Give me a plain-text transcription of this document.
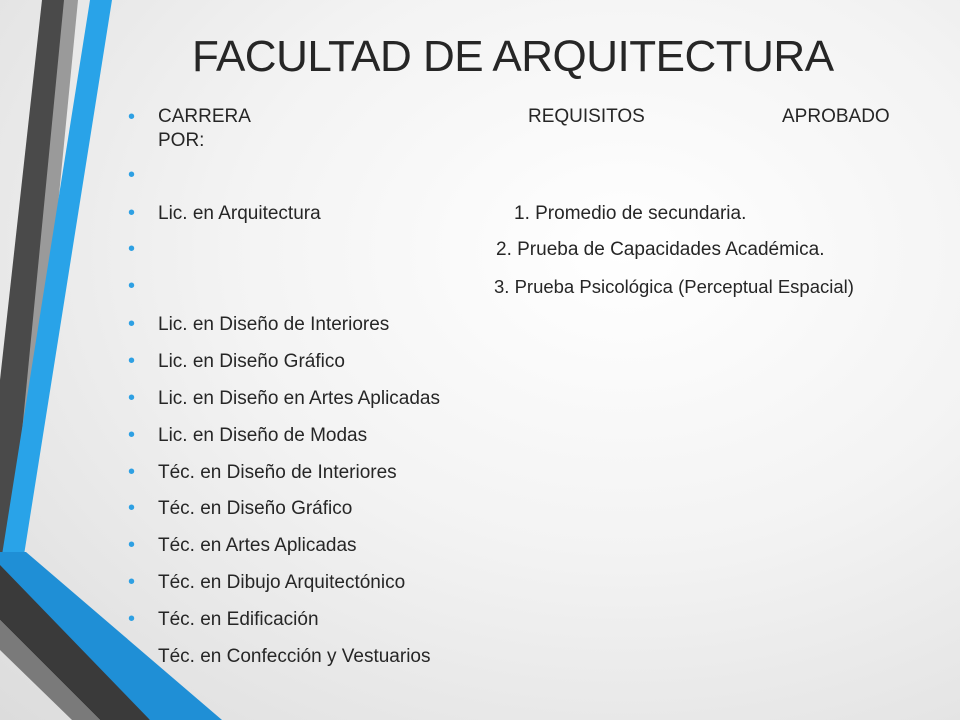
FACULTAD DE ARQUITECTURA
• CARRERA	REQUISITOS	APROBADO
POR:
•
• Lic. en Arquitectura	1. Promedio de secundaria.
•	2. Prueba de Capacidades Académica.
•	3. Prueba Psicológica (Perceptual Espacial)
• Lic. en Diseño de Interiores
• Lic. en Diseño Gráfico
• Lic. en Diseño en Artes Aplicadas
• Lic. en Diseño de Modas
• Téc. en Diseño de Interiores
• Téc. en Diseño Gráfico
• Téc. en Artes Aplicadas
• Téc. en Dibujo Arquitectónico
• Téc. en Edificación
Téc. en Confección y Vestuarios
